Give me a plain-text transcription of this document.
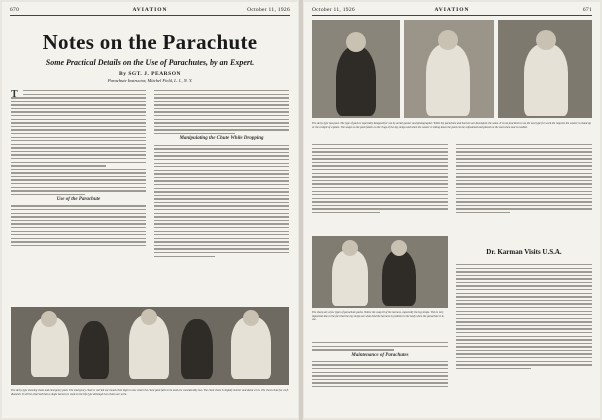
670	AVIATION	October 11, 1926
Notes on the Parachute
Some Practical Details on the Use of Parachutes, by an Expert.
By SGT. J. PEARSON
Parachute Instructor, Mitchel Field, L. I., N. Y.
T
Use of the Parachute
Manipulating the Chute While Dropping
The Army type showing chute and emergency pack. The emergency chute is carried out round chest high in case where the chest pack fails to be used are considerably less. The chest chute is slightly shorter and about 21 in. The chest chute for 24 ft. diameter. It will be observed that a single harness is used on the life type although two chutes are worn.
October 11, 1926	AVIATION	671
The Army type has pack. The type of pack is especially designed for use by aerial gunner and photographer. While the parachute and harness are developed, the same. It is not practical to use the seat type for work the requires the wearer to stand up or the cockpit of a plane. The snaps on the pack fasten on the rings of the leg straps and when the wearer is sitting down the pack can be unfastened and placed on the seat when seat is needed.
The sheep are a few types of parachute packs. Notice the snap ill of the harness, especially the leg straps. This is very important due to the fact that the leg straps are what held the harness in position to the body when the parachute is in use.
Maintenance of Parachutes
Dr. Karman Visits U.S.A.
